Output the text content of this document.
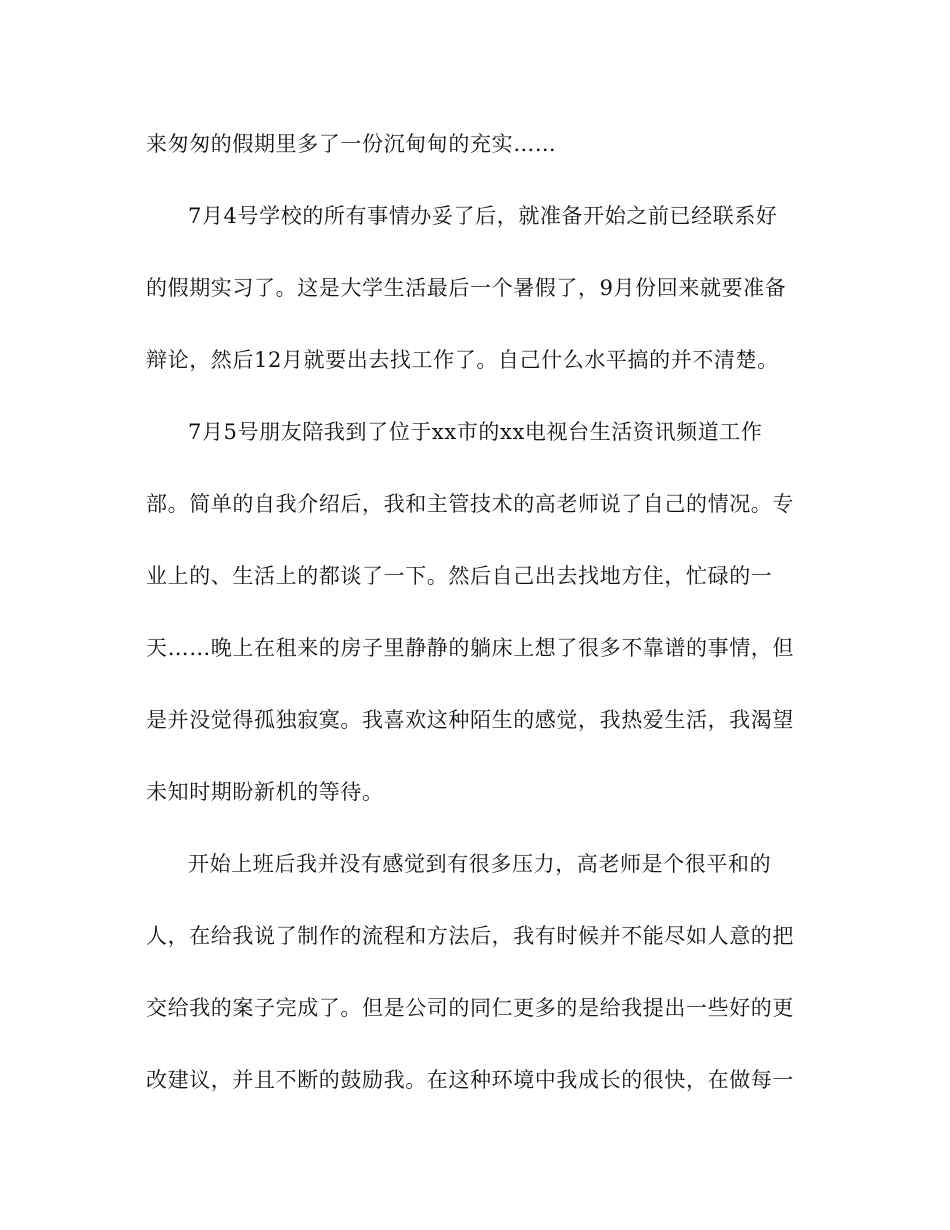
来匆匆的假期里多了一份沉甸甸的充实……
7月4号学校的所有事情办妥了后，就准备开始之前已经联系好
的假期实习了。这是大学生活最后一个暑假了，9月份回来就要准备
辩论，然后12月就要出去找工作了。自己什么水平搞的并不清楚。
7月5号朋友陪我到了位于xx市的xx电视台生活资讯频道工作
部。简单的自我介绍后，我和主管技术的高老师说了自己的情况。专
业上的、生活上的都谈了一下。然后自己出去找地方住，忙碌的一
天……晚上在租来的房子里静静的躺床上想了很多不靠谱的事情，但
是并没觉得孤独寂寞。我喜欢这种陌生的感觉，我热爱生活，我渴望
未知时期盼新机的等待。
开始上班后我并没有感觉到有很多压力，高老师是个很平和的
人，在给我说了制作的流程和方法后，我有时候并不能尽如人意的把
交给我的案子完成了。但是公司的同仁更多的是给我提出一些好的更
改建议，并且不断的鼓励我。在这种环境中我成长的很快，在做每一
